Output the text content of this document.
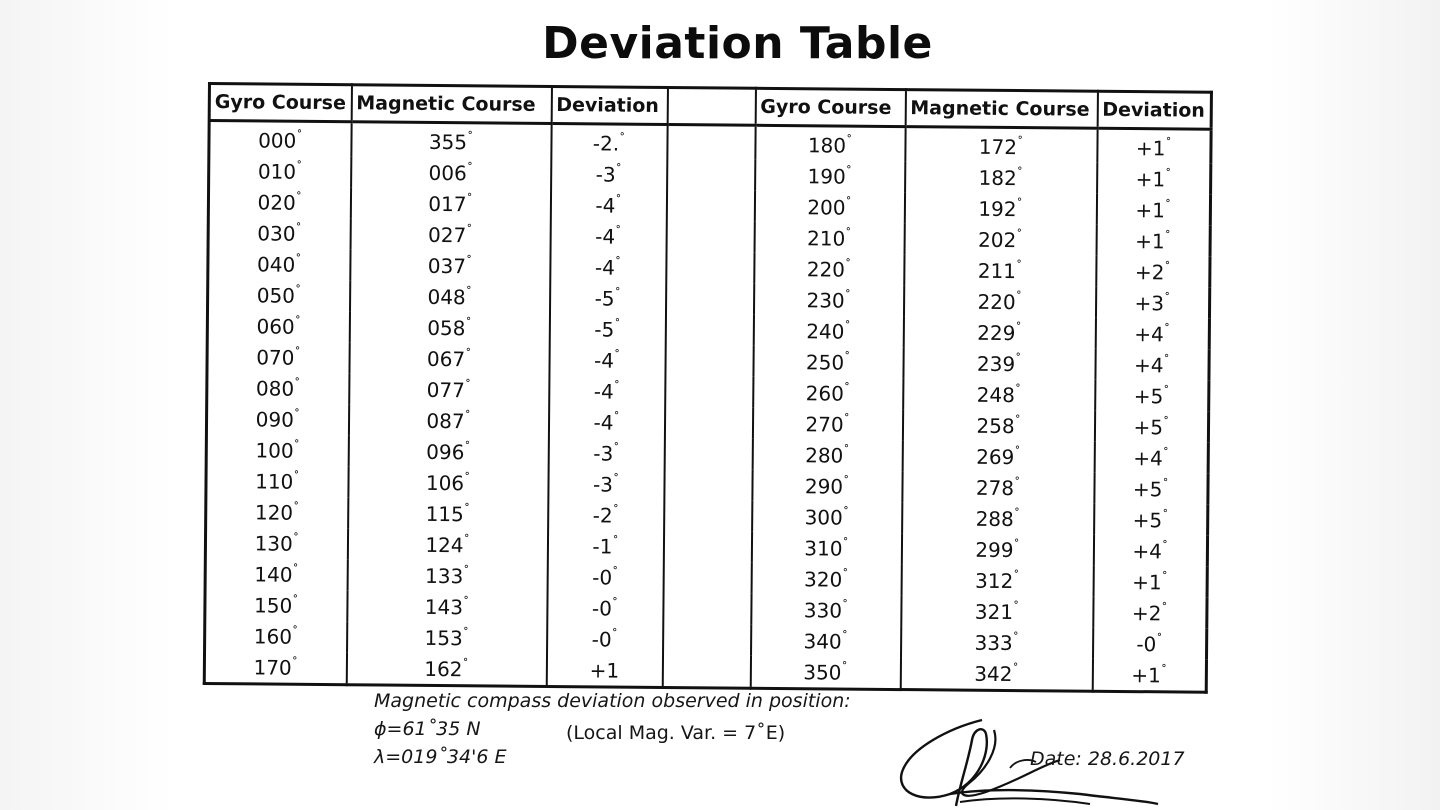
Deviation Table
Gyro Course	Magnetic Course	Deviation		Gyro Course	Magnetic Course	Deviation
000˚	355˚	-2.˚		180˚	172˚	+1˚
010˚	006˚	-3˚		190˚	182˚	+1˚
020˚	017˚	-4˚		200˚	192˚	+1˚
030˚	027˚	-4˚		210˚	202˚	+1˚
040˚	037˚	-4˚		220˚	211˚	+2˚
050˚	048˚	-5˚		230˚	220˚	+3˚
060˚	058˚	-5˚		240˚	229˚	+4˚
070˚	067˚	-4˚		250˚	239˚	+4˚
080˚	077˚	-4˚		260˚	248˚	+5˚
090˚	087˚	-4˚		270˚	258˚	+5˚
100˚	096˚	-3˚		280˚	269˚	+4˚
110˚	106˚	-3˚		290˚	278˚	+5˚
120˚	115˚	-2˚		300˚	288˚	+5˚
130˚	124˚	-1˚		310˚	299˚	+4˚
140˚	133˚	-0˚		320˚	312˚	+1˚
150˚	143˚	-0˚		330˚	321˚	+2˚
160˚	153˚	-0˚		340˚	333˚	-0˚
170˚	162˚	+1		350˚	342˚	+1˚
Magnetic compass deviation observed in position:
ϕ=61˚35 N
λ=019˚34'6 E
(Local Mag. Var. = 7˚E)
Date: 28.6.2017
